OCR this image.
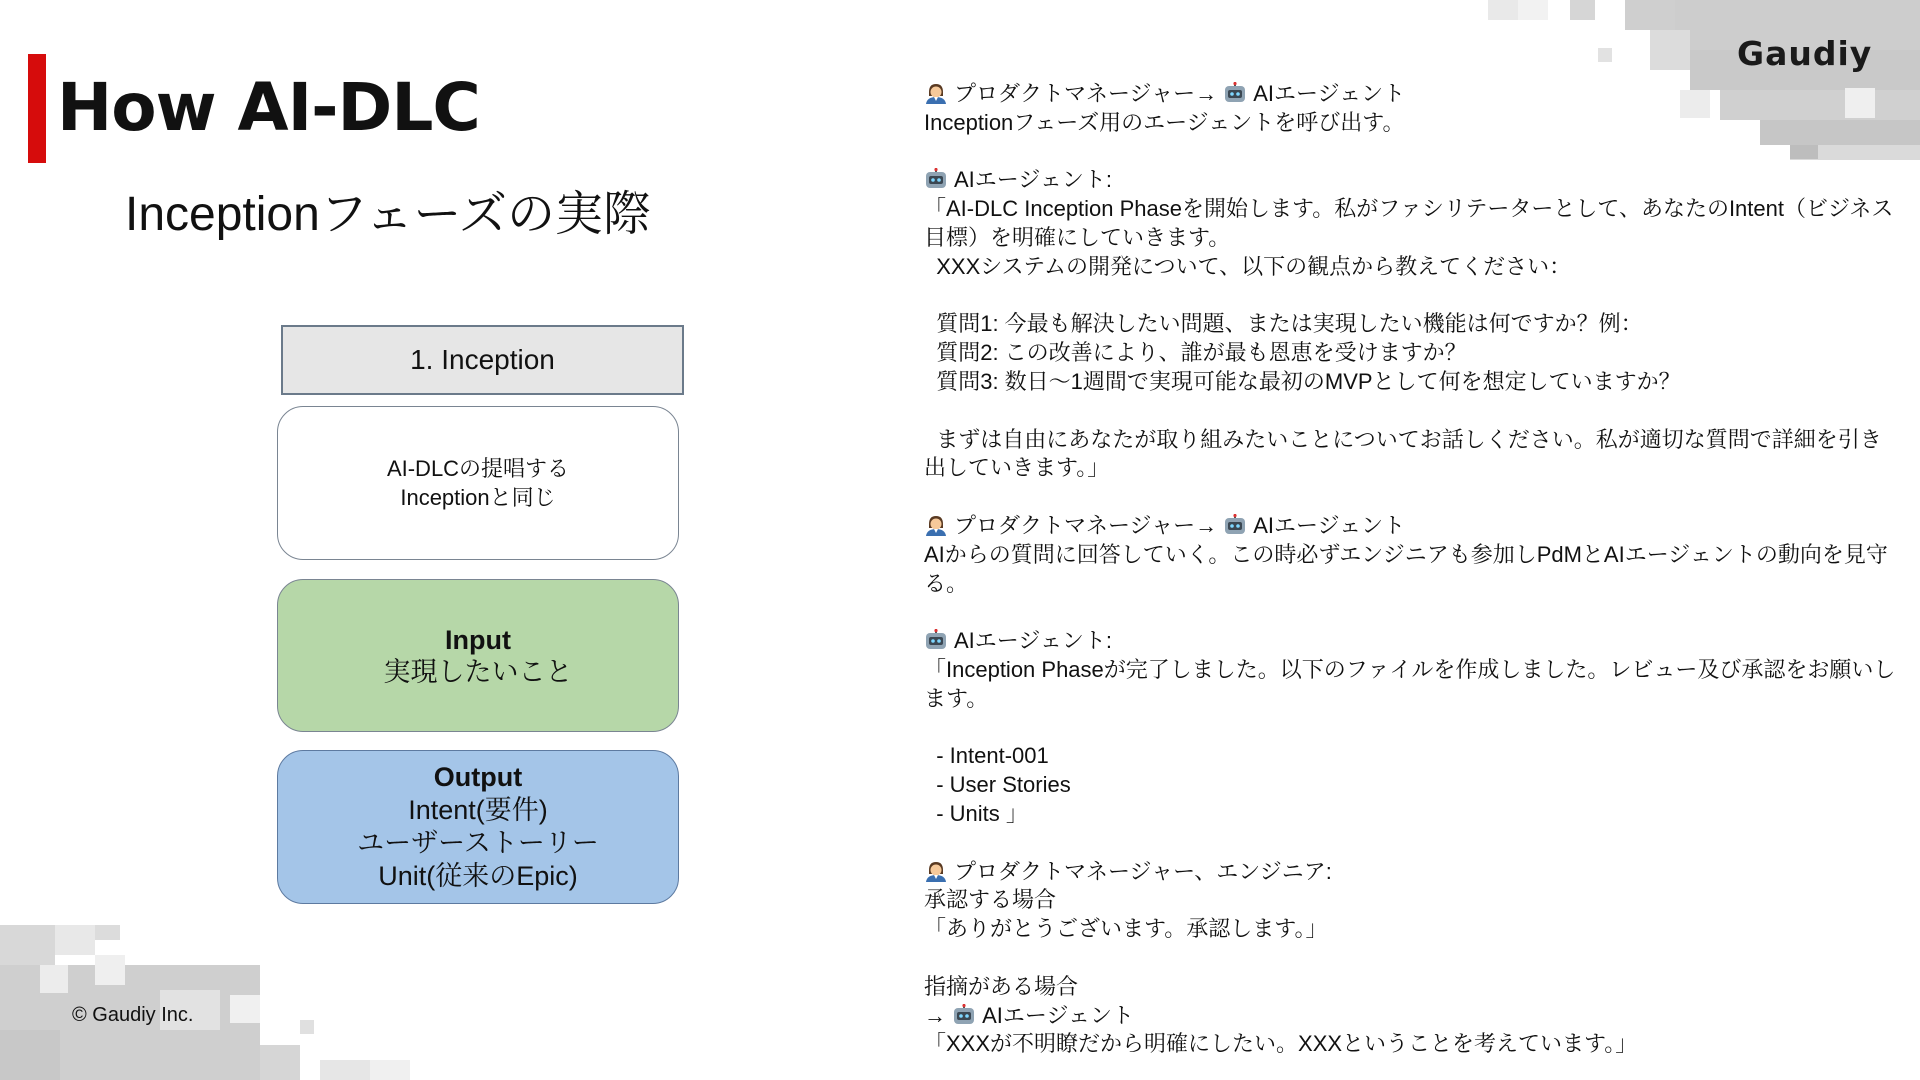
How AI-DLC
Inceptionフェーズの実際
1. Inception
AI-DLCの提唱する
Inceptionと同じ
Input
実現したいこと
Output
Intent(要件)
ユーザーストーリー
Unit(従来のEpic)
Gaudiy
© Gaudiy Inc.
プロダクトマネージャー→ AIエージェント
Inceptionフェーズ用のエージェントを呼び出す。
AIエージェント:
「AI-DLC Inception Phaseを開始します。私がファシリテーターとして、あなたのIntent（ビジネス
目標）を明確にしていきます。
XXXシステムの開発について、以下の観点から教えてください：
質問1: 今最も解決したい問題、または実現したい機能は何ですか？例：
質問2: この改善により、誰が最も恩恵を受けますか？
質問3: 数日〜1週間で実現可能な最初のMVPとして何を想定していますか？
まずは自由にあなたが取り組みたいことについてお話しください。私が適切な質問で詳細を引き
出していきます。」
プロダクトマネージャー→ AIエージェント
AIからの質問に回答していく。この時必ずエンジニアも参加しPdMとAIエージェントの動向を見守
る。
AIエージェント:
「Inception Phaseが完了しました。以下のファイルを作成しました。レビュー及び承認をお願いし
ます。
- Intent-001
- User Stories
- Units 」
プロダクトマネージャー、エンジニア:
承認する場合
「ありがとうございます。承認します。」
指摘がある場合
→ AIエージェント
「XXXが不明瞭だから明確にしたい。XXXということを考えています。」
